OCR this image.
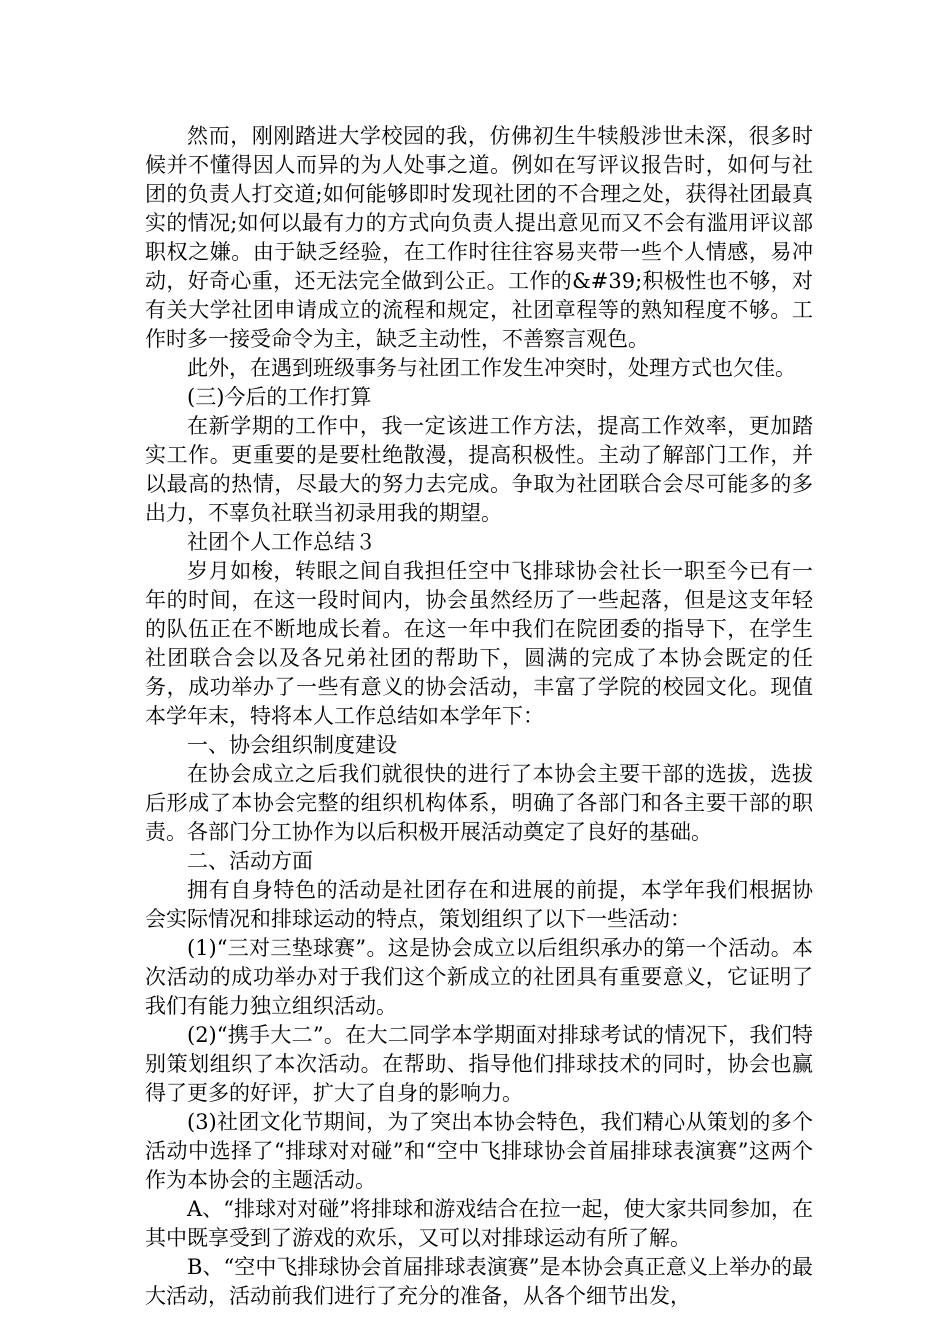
然而，刚刚踏进大学校园的我，仿佛初生牛犊般涉世未深，很多时候并不懂得因人而异的为人处事之道。例如在写评议报告时，如何与社团的负责人打交道;如何能够即时发现社团的不合理之处，获得社团最真实的情况;如何以最有力的方式向负责人提出意见而又不会有滥用评议部职权之嫌。由于缺乏经验，在工作时往往容易夹带一些个人情感，易冲动，好奇心重，还无法完全做到公正。工作的&#39;积极性也不够，对有关大学社团申请成立的流程和规定，社团章程等的熟知程度不够。工作时多一接受命令为主，缺乏主动性，不善察言观色。

此外，在遇到班级事务与社团工作发生冲突时，处理方式也欠佳。

(三)今后的工作打算

在新学期的工作中，我一定该进工作方法，提高工作效率，更加踏实工作。更重要的是要杜绝散漫，提高积极性。主动了解部门工作，并以最高的热情，尽最大的努力去完成。争取为社团联合会尽可能多的多出力，不辜负社联当初录用我的期望。

社团个人工作总结３

岁月如梭，转眼之间自我担任空中飞排球协会社长一职至今已有一年的时间，在这一段时间内，协会虽然经历了一些起落，但是这支年轻的队伍正在不断地成长着。在这一年中我们在院团委的指导下，在学生社团联合会以及各兄弟社团的帮助下，圆满的完成了本协会既定的任务，成功举办了一些有意义的协会活动，丰富了学院的校园文化。现值本学年末，特将本人工作总结如本学年下：

一、协会组织制度建设

在协会成立之后我们就很快的进行了本协会主要干部的选拔，选拔后形成了本协会完整的组织机构体系，明确了各部门和各主要干部的职责。各部门分工协作为以后积极开展活动奠定了良好的基础。

二、活动方面

拥有自身特色的活动是社团存在和进展的前提，本学年我们根据协会实际情况和排球运动的特点，策划组织了以下一些活动：

(1)“三对三垫球赛”。这是协会成立以后组织承办的第一个活动。本次活动的成功举办对于我们这个新成立的社团具有重要意义，它证明了我们有能力独立组织活动。

(2)“携手大二”。在大二同学本学期面对排球考试的情况下，我们特别策划组织了本次活动。在帮助、指导他们排球技术的同时，协会也赢得了更多的好评，扩大了自身的影响力。

(3)社团文化节期间，为了突出本协会特色，我们精心从策划的多个活动中选择了“排球对对碰”和“空中飞排球协会首届排球表演赛”这两个作为本协会的主题活动。

A、“排球对对碰”将排球和游戏结合在拉一起，使大家共同参加，在其中既享受到了游戏的欢乐，又可以对排球运动有所了解。

B、“空中飞排球协会首届排球表演赛”是本协会真正意义上举办的最大活动，活动前我们进行了充分的准备，从各个细节出发，
